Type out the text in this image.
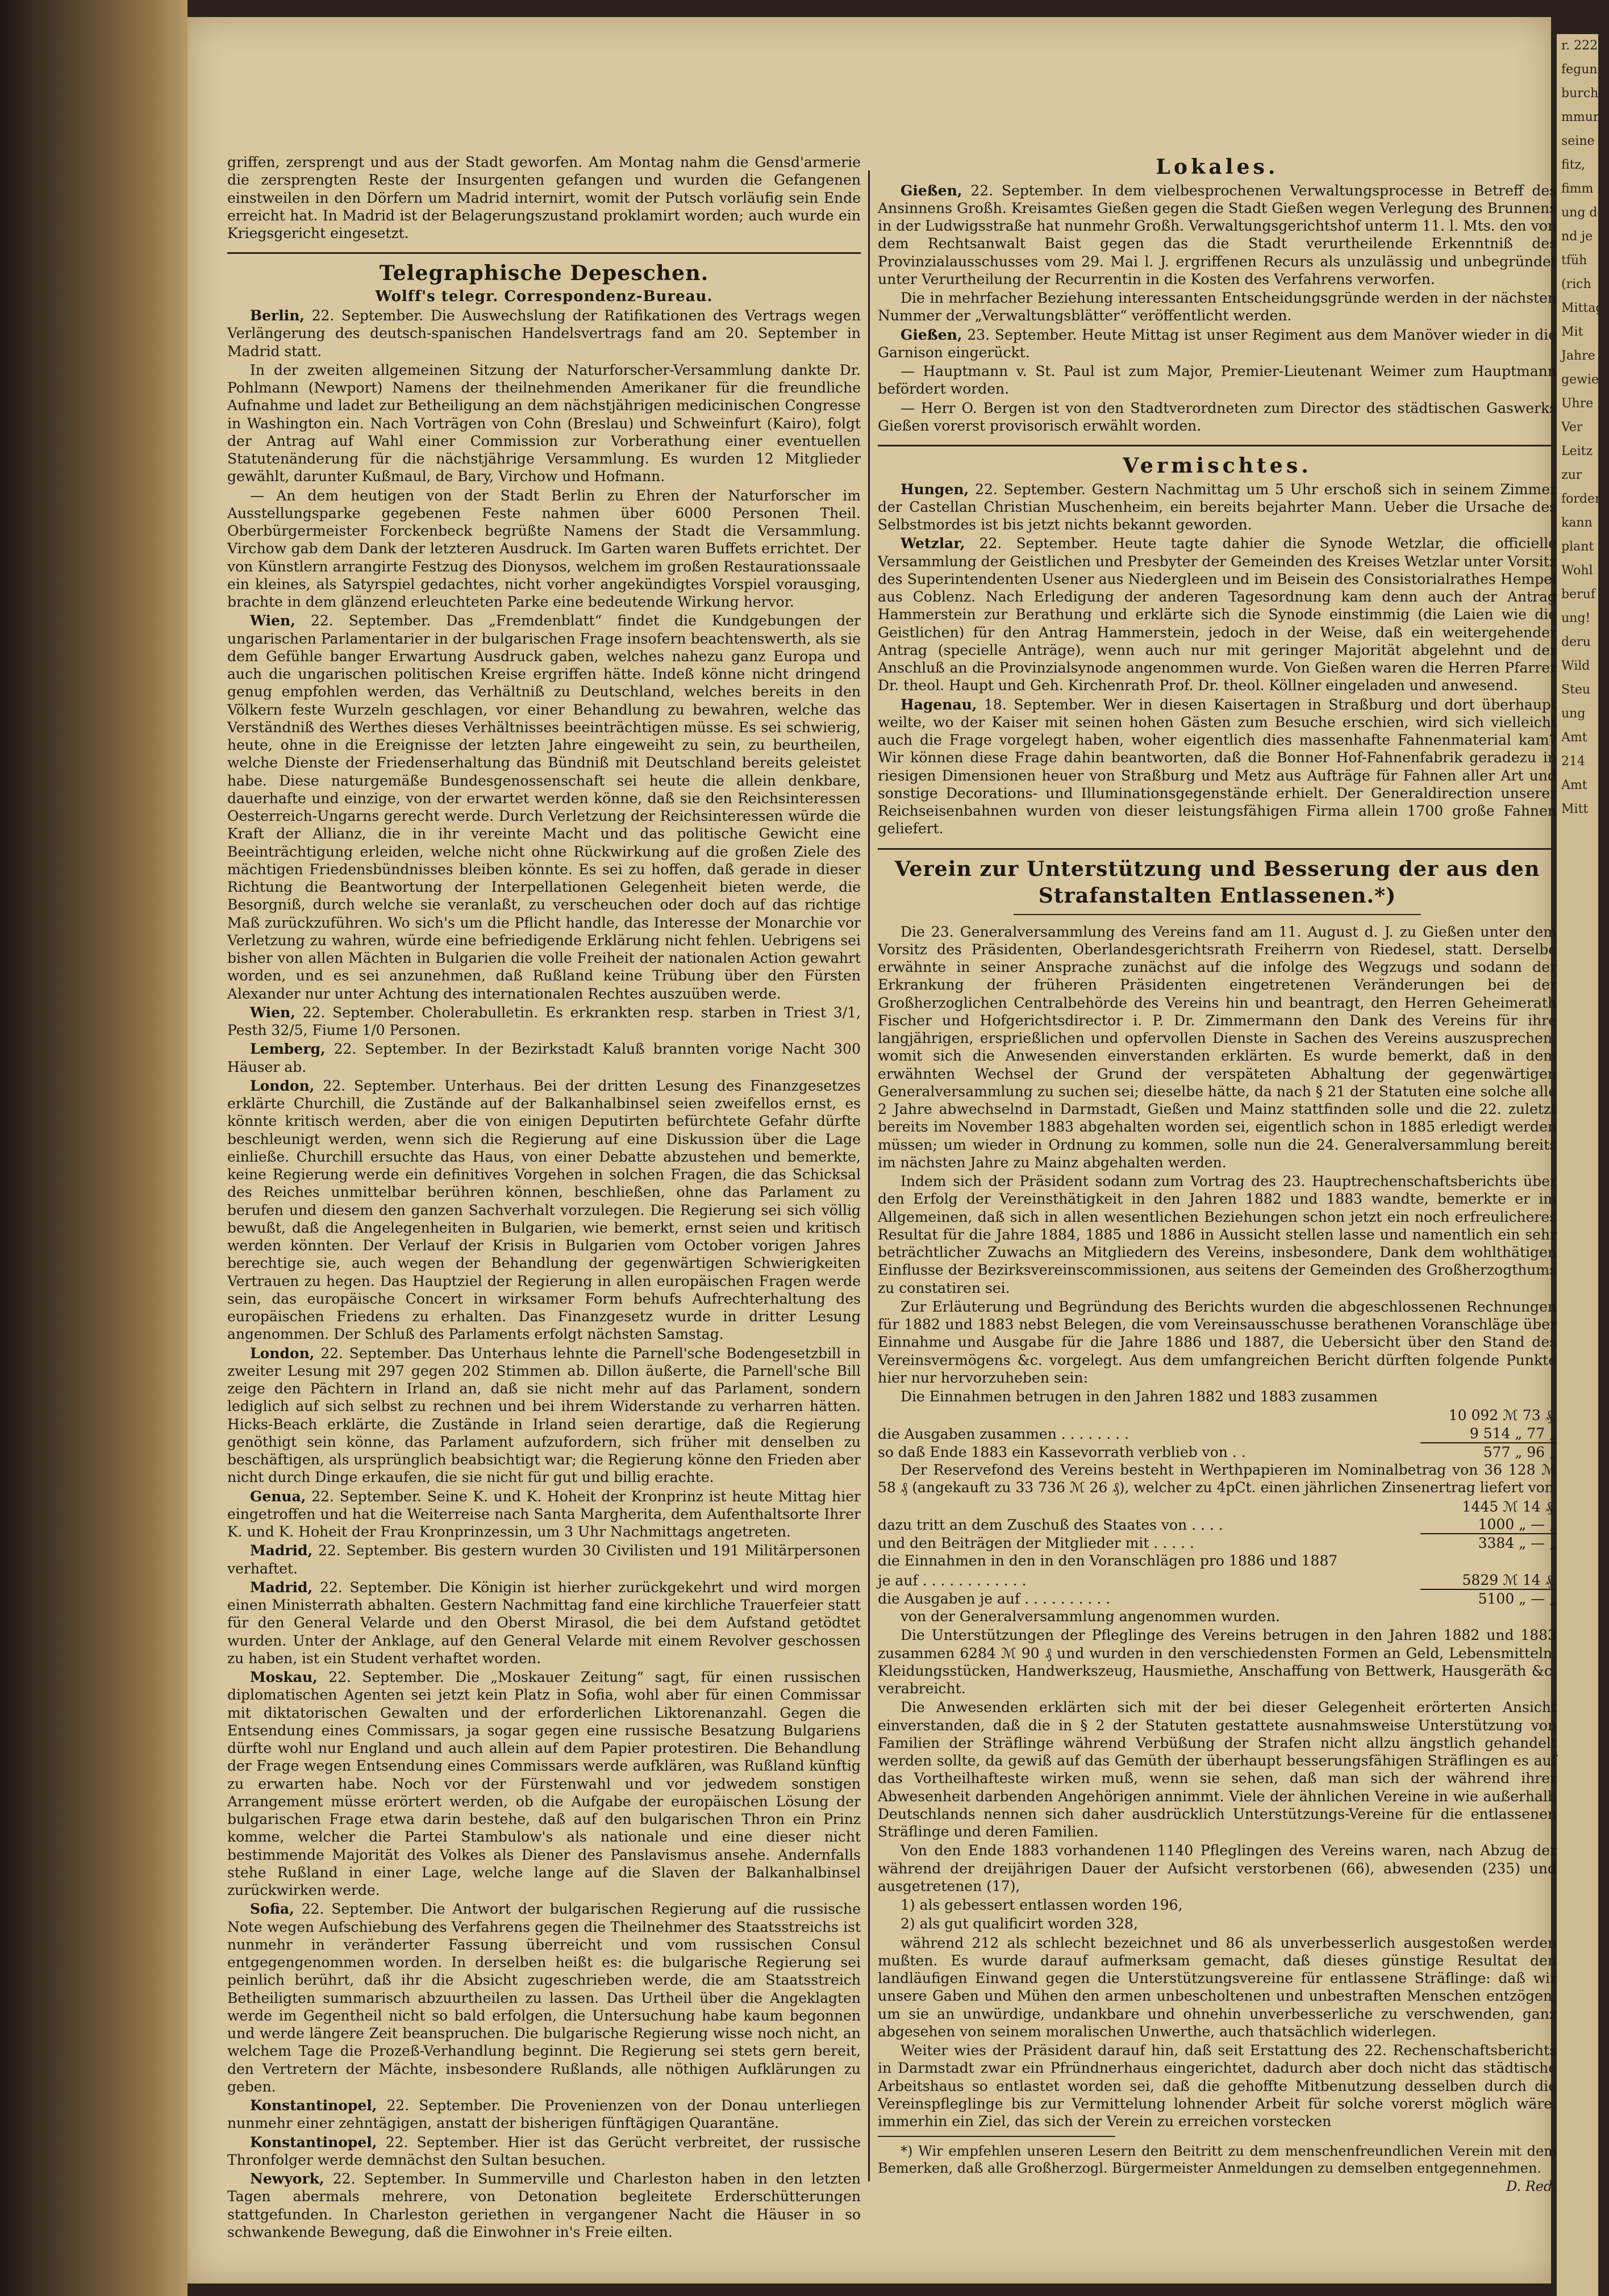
r. 222.
fegung
burch
mmung
seine
fitz,
fimm
ung de
nd je
tfüh
(rich
Mittag
Mit
Jahre
gewielt
Uhre
Ver
Leitz
zur
forder
kann
plant
Wohl
beruf
ung!
deru
Wild
Steu
ung
Amt
214
Amt
Mitt

griffen, zersprengt und aus der Stadt geworfen. Am Montag nahm die Gensd'armerie die zersprengten Reste der Insurgenten gefangen und wurden die Gefangenen einstweilen in den Dörfern um Madrid internirt, womit der Putsch vorläufig sein Ende erreicht hat. In Madrid ist der Belagerungszustand proklamirt worden; auch wurde ein Kriegsgericht eingesetzt.

Telegraphische Depeschen.

Wolff's telegr. Correspondenz-Bureau.

Berlin, 22. September. Die Auswechslung der Ratifikationen des Vertrags wegen Verlängerung des deutsch-spanischen Handelsvertrags fand am 20. September in Madrid statt.

In der zweiten allgemeinen Sitzung der Naturforscher-Versammlung dankte Dr. Pohlmann (Newport) Namens der theilnehmenden Amerikaner für die freundliche Aufnahme und ladet zur Betheiligung an dem nächstjährigen medicinischen Congresse in Washington ein. Nach Vorträgen von Cohn (Breslau) und Schweinfurt (Kairo), folgt der Antrag auf Wahl einer Commission zur Vorberathung einer eventuellen Statutenänderung für die nächstjährige Versammlung. Es wurden 12 Mitglieder gewählt, darunter Kußmaul, de Bary, Virchow und Hofmann.

— An dem heutigen von der Stadt Berlin zu Ehren der Naturforscher im Ausstellungsparke gegebenen Feste nahmen über 6000 Personen Theil. Oberbürgermeister Forckenbeck begrüßte Namens der Stadt die Versammlung. Virchow gab dem Dank der letzteren Ausdruck. Im Garten waren Buffets errichtet. Der von Künstlern arrangirte Festzug des Dionysos, welchem im großen Restaurationssaale ein kleines, als Satyrspiel gedachtes, nicht vorher angekündigtes Vorspiel vorausging, brachte in dem glänzend erleuchteten Parke eine bedeutende Wirkung hervor.

Wien, 22. September. Das „Fremdenblatt“ findet die Kundgebungen der ungarischen Parlamentarier in der bulgarischen Frage insofern beachtenswerth, als sie dem Gefühle banger Erwartung Ausdruck gaben, welches nahezu ganz Europa und auch die ungarischen politischen Kreise ergriffen hätte. Indeß könne nicht dringend genug empfohlen werden, das Verhältniß zu Deutschland, welches bereits in den Völkern feste Wurzeln geschlagen, vor einer Behandlung zu bewahren, welche das Verständniß des Werthes dieses Verhältnisses beeinträchtigen müsse. Es sei schwierig, heute, ohne in die Ereignisse der letzten Jahre eingeweiht zu sein, zu beurtheilen, welche Dienste der Friedenserhaltung das Bündniß mit Deutschland bereits geleistet habe. Diese naturgemäße Bundesgenossenschaft sei heute die allein denkbare, dauerhafte und einzige, von der erwartet werden könne, daß sie den Reichsinteressen Oesterreich-Ungarns gerecht werde. Durch Verletzung der Reichsinteressen würde die Kraft der Allianz, die in ihr vereinte Macht und das politische Gewicht eine Beeinträchtigung erleiden, welche nicht ohne Rückwirkung auf die großen Ziele des mächtigen Friedensbündnisses bleiben könnte. Es sei zu hoffen, daß gerade in dieser Richtung die Beantwortung der Interpellationen Gelegenheit bieten werde, die Besorgniß, durch welche sie veranlaßt, zu verscheuchen oder doch auf das richtige Maß zurückzuführen. Wo sich's um die Pflicht handle, das Interesse der Monarchie vor Verletzung zu wahren, würde eine befriedigende Erklärung nicht fehlen. Uebrigens sei bisher von allen Mächten in Bulgarien die volle Freiheit der nationalen Action gewahrt worden, und es sei anzunehmen, daß Rußland keine Trübung über den Fürsten Alexander nur unter Achtung des internationalen Rechtes auszuüben werde.

Wien, 22. September. Cholerabulletin. Es erkrankten resp. starben in Triest 3/1, Pesth 32/5, Fiume 1/0 Personen.

Lemberg, 22. September. In der Bezirkstadt Kaluß brannten vorige Nacht 300 Häuser ab.

London, 22. September. Unterhaus. Bei der dritten Lesung des Finanzgesetzes erklärte Churchill, die Zustände auf der Balkanhalbinsel seien zweifellos ernst, es könnte kritisch werden, aber die von einigen Deputirten befürchtete Gefahr dürfte beschleunigt werden, wenn sich die Regierung auf eine Diskussion über die Lage einließe. Churchill ersuchte das Haus, von einer Debatte abzustehen und bemerkte, keine Regierung werde ein definitives Vorgehen in solchen Fragen, die das Schicksal des Reiches unmittelbar berühren können, beschließen, ohne das Parlament zu berufen und diesem den ganzen Sachverhalt vorzulegen. Die Regierung sei sich völlig bewußt, daß die Angelegenheiten in Bulgarien, wie bemerkt, ernst seien und kritisch werden könnten. Der Verlauf der Krisis in Bulgarien vom October vorigen Jahres berechtige sie, auch wegen der Behandlung der gegenwärtigen Schwierigkeiten Vertrauen zu hegen. Das Hauptziel der Regierung in allen europäischen Fragen werde sein, das europäische Concert in wirksamer Form behufs Aufrechterhaltung des europäischen Friedens zu erhalten. Das Finanzgesetz wurde in dritter Lesung angenommen. Der Schluß des Parlaments erfolgt nächsten Samstag.

London, 22. September. Das Unterhaus lehnte die Parnell'sche Bodengesetzbill in zweiter Lesung mit 297 gegen 202 Stimmen ab. Dillon äußerte, die Parnell'sche Bill zeige den Pächtern in Irland an, daß sie nicht mehr auf das Parlament, sondern lediglich auf sich selbst zu rechnen und bei ihrem Widerstande zu verharren hätten. Hicks-Beach erklärte, die Zustände in Irland seien derartige, daß die Regierung genöthigt sein könne, das Parlament aufzufordern, sich früher mit denselben zu beschäftigen, als ursprünglich beabsichtigt war; die Regierung könne den Frieden aber nicht durch Dinge erkaufen, die sie nicht für gut und billig erachte.

Genua, 22. September. Seine K. und K. Hoheit der Kronprinz ist heute Mittag hier eingetroffen und hat die Weiterreise nach Santa Margherita, dem Aufenthaltsorte Ihrer K. und K. Hoheit der Frau Kronprinzessin, um 3 Uhr Nachmittags angetreten.

Madrid, 22. September. Bis gestern wurden 30 Civilisten und 191 Militärpersonen verhaftet.

Madrid, 22. September. Die Königin ist hierher zurückgekehrt und wird morgen einen Ministerrath abhalten. Gestern Nachmittag fand eine kirchliche Trauerfeier statt für den General Velarde und den Oberst Mirasol, die bei dem Aufstand getödtet wurden. Unter der Anklage, auf den General Velarde mit einem Revolver geschossen zu haben, ist ein Student verhaftet worden.

Moskau, 22. September. Die „Moskauer Zeitung“ sagt, für einen russischen diplomatischen Agenten sei jetzt kein Platz in Sofia, wohl aber für einen Commissar mit diktatorischen Gewalten und der erforderlichen Liktorenanzahl. Gegen die Entsendung eines Commissars, ja sogar gegen eine russische Besatzung Bulgariens dürfte wohl nur England und auch allein auf dem Papier protestiren. Die Behandlung der Frage wegen Entsendung eines Commissars werde aufklären, was Rußland künftig zu erwarten habe. Noch vor der Fürstenwahl und vor jedwedem sonstigen Arrangement müsse erörtert werden, ob die Aufgabe der europäischen Lösung der bulgarischen Frage etwa darin bestehe, daß auf den bulgarischen Thron ein Prinz komme, welcher die Partei Stambulow's als nationale und eine dieser nicht bestimmende Majorität des Volkes als Diener des Panslavismus ansehe. Andernfalls stehe Rußland in einer Lage, welche lange auf die Slaven der Balkanhalbinsel zurückwirken werde.

Sofia, 22. September. Die Antwort der bulgarischen Regierung auf die russische Note wegen Aufschiebung des Verfahrens gegen die Theilnehmer des Staatsstreichs ist nunmehr in veränderter Fassung überreicht und vom russischen Consul entgegengenommen worden. In derselben heißt es: die bulgarische Regierung sei peinlich berührt, daß ihr die Absicht zugeschrieben werde, die am Staatsstreich Betheiligten summarisch abzuurtheilen zu lassen. Das Urtheil über die Angeklagten werde im Gegentheil nicht so bald erfolgen, die Untersuchung habe kaum begonnen und werde längere Zeit beanspruchen. Die bulgarische Regierung wisse noch nicht, an welchem Tage die Prozeß-Verhandlung beginnt. Die Regierung sei stets gern bereit, den Vertretern der Mächte, insbesondere Rußlands, alle nöthigen Aufklärungen zu geben.

Konstantinopel, 22. September. Die Provenienzen von der Donau unterliegen nunmehr einer zehntägigen, anstatt der bisherigen fünftägigen Quarantäne.

Konstantinopel, 22. September. Hier ist das Gerücht verbreitet, der russische Thronfolger werde demnächst den Sultan besuchen.

Newyork, 22. September. In Summerville und Charleston haben in den letzten Tagen abermals mehrere, von Detonation begleitete Erderschütterungen stattgefunden. In Charleston geriethen in vergangener Nacht die Häuser in so schwankende Bewegung, daß die Einwohner in's Freie eilten.

Lokales.

Gießen, 22. September. In dem vielbesprochenen Verwaltungsprocesse in Betreff des Ansinnens Großh. Kreisamtes Gießen gegen die Stadt Gießen wegen Verlegung des Brunnens in der Ludwigsstraße hat nunmehr Großh. Verwaltungsgerichtshof unterm 11. l. Mts. den von dem Rechtsanwalt Baist gegen das die Stadt verurtheilende Erkenntniß des Provinzialausschusses vom 29. Mai l. J. ergriffenen Recurs als unzulässig und unbegründet unter Verurtheilung der Recurrentin in die Kosten des Verfahrens verworfen.

Die in mehrfacher Beziehung interessanten Entscheidungsgründe werden in der nächsten Nummer der „Verwaltungsblätter“ veröffentlicht werden.

Gießen, 23. September. Heute Mittag ist unser Regiment aus dem Manöver wieder in die Garnison eingerückt.

— Hauptmann v. St. Paul ist zum Major, Premier-Lieutenant Weimer zum Hauptmann befördert worden.

— Herr O. Bergen ist von den Stadtverordneten zum Director des städtischen Gaswerks Gießen vorerst provisorisch erwählt worden.

Vermischtes.

Hungen, 22. September. Gestern Nachmittag um 5 Uhr erschoß sich in seinem Zimmer der Castellan Christian Muschenheim, ein bereits bejahrter Mann. Ueber die Ursache des Selbstmordes ist bis jetzt nichts bekannt geworden.

Wetzlar, 22. September. Heute tagte dahier die Synode Wetzlar, die officielle Versammlung der Geistlichen und Presbyter der Gemeinden des Kreises Wetzlar unter Vorsitz des Superintendenten Usener aus Niedergleen und im Beisein des Consistorialrathes Hempel aus Coblenz. Nach Erledigung der anderen Tagesordnung kam denn auch der Antrag Hammerstein zur Berathung und erklärte sich die Synode einstimmig (die Laien wie die Geistlichen) für den Antrag Hammerstein, jedoch in der Weise, daß ein weitergehender Antrag (specielle Anträge), wenn auch nur mit geringer Majorität abgelehnt und der Anschluß an die Provinzialsynode angenommen wurde. Von Gießen waren die Herren Pfarrer Dr. theol. Haupt und Geh. Kirchenrath Prof. Dr. theol. Köllner eingeladen und anwesend.

Hagenau, 18. September. Wer in diesen Kaisertagen in Straßburg und dort überhaupt weilte, wo der Kaiser mit seinen hohen Gästen zum Besuche erschien, wird sich vielleicht auch die Frage vorgelegt haben, woher eigentlich dies massenhafte Fahnenmaterial kam? Wir können diese Frage dahin beantworten, daß die Bonner Hof-Fahnenfabrik geradezu in riesigen Dimensionen heuer von Straßburg und Metz aus Aufträge für Fahnen aller Art und sonstige Decorations- und Illuminationsgegenstände erhielt. Der Generaldirection unserer Reichseisenbahnen wurden von dieser leistungsfähigen Firma allein 1700 große Fahnen geliefert.

Verein zur Unterstützung und Besserung der aus den Strafanstalten Entlassenen.*)

Die 23. Generalversammlung des Vereins fand am 11. August d. J. zu Gießen unter dem Vorsitz des Präsidenten, Oberlandesgerichtsrath Freiherrn von Riedesel, statt. Derselbe erwähnte in seiner Ansprache zunächst auf die infolge des Wegzugs und sodann der Erkrankung der früheren Präsidenten eingetretenen Veränderungen bei der Großherzoglichen Centralbehörde des Vereins hin und beantragt, den Herren Geheimerath Fischer und Hofgerichtsdirector i. P. Dr. Zimmermann den Dank des Vereins für ihre langjährigen, ersprießlichen und opfervollen Dienste in Sachen des Vereins auszusprechen, womit sich die Anwesenden einverstanden erklärten. Es wurde bemerkt, daß in dem erwähnten Wechsel der Grund der verspäteten Abhaltung der gegenwärtigen Generalversammlung zu suchen sei; dieselbe hätte, da nach § 21 der Statuten eine solche alle 2 Jahre abwechselnd in Darmstadt, Gießen und Mainz stattfinden solle und die 22. zuletzt bereits im November 1883 abgehalten worden sei, eigentlich schon in 1885 erledigt werden müssen; um wieder in Ordnung zu kommen, solle nun die 24. Generalversammlung bereits im nächsten Jahre zu Mainz abgehalten werden.

Indem sich der Präsident sodann zum Vortrag des 23. Hauptrechenschaftsberichts über den Erfolg der Vereinsthätigkeit in den Jahren 1882 und 1883 wandte, bemerkte er im Allgemeinen, daß sich in allen wesentlichen Beziehungen schon jetzt ein noch erfreulicheres Resultat für die Jahre 1884, 1885 und 1886 in Aussicht stellen lasse und namentlich ein sehr beträchtlicher Zuwachs an Mitgliedern des Vereins, insbesondere, Dank dem wohlthätigen Einflusse der Bezirksvereinscommissionen, aus seitens der Gemeinden des Großherzogthums zu constatiren sei.

Zur Erläuterung und Begründung des Berichts wurden die abgeschlossenen Rechnungen für 1882 und 1883 nebst Belegen, die vom Vereinsausschusse berathenen Voranschläge über Einnahme und Ausgabe für die Jahre 1886 und 1887, die Uebersicht über den Stand des Vereinsvermögens &c. vorgelegt. Aus dem umfangreichen Bericht dürften folgende Punkte hier nur hervorzuheben sein:

Die Einnahmen betrugen in den Jahren 1882 und 1883 zusammen

	10 092 ℳ 73 ₰,
die Ausgaben zusammen . . . . . . . .	9 514 „ 77 „
so daß Ende 1883 ein Kassevorrath verblieb von . .	577 „ 96 „

Der Reservefond des Vereins besteht in Werthpapieren im Nominalbetrag von 36 128 ℳ 58 ₰ (angekauft zu 33 736 ℳ 26 ₰), welcher zu 4pCt. einen jährlichen Zinsenertrag liefert von

	1445 ℳ 14 ₰,
dazu tritt an dem Zuschuß des Staates von . . . .	1000 „ — „
und den Beiträgen der Mitglieder mit . . . . .	3384 „ — „

die Einnahmen in den in den Voranschlägen pro 1886 und 1887

je auf . . . . . . . . . . . .	5829 ℳ 14 ₰,
die Ausgaben je auf . . . . . . . . . .	5100 „ — „

von der Generalversammlung angenommen wurden.

Die Unterstützungen der Pfleglinge des Vereins betrugen in den Jahren 1882 und 1883 zusammen 6284 ℳ 90 ₰ und wurden in den verschiedensten Formen an Geld, Lebensmitteln, Kleidungsstücken, Handwerkszeug, Hausmiethe, Anschaffung von Bettwerk, Hausgeräth &c. verabreicht.

Die Anwesenden erklärten sich mit der bei dieser Gelegenheit erörterten Ansicht einverstanden, daß die in § 2 der Statuten gestattete ausnahmsweise Unterstützung von Familien der Sträflinge während Verbüßung der Strafen nicht allzu ängstlich gehandelt werden sollte, da gewiß auf das Gemüth der überhaupt besserungsfähigen Sträflingen es auf das Vortheilhafteste wirken muß, wenn sie sehen, daß man sich der während ihrer Abwesenheit darbenden Angehörigen annimmt. Viele der ähnlichen Vereine in wie außerhalb Deutschlands nennen sich daher ausdrücklich Unterstützungs-Vereine für die entlassenen Sträflinge und deren Familien.

Von den Ende 1883 vorhandenen 1140 Pfleglingen des Vereins waren, nach Abzug der während der dreijährigen Dauer der Aufsicht verstorbenen (66), abwesenden (235) und ausgetretenen (17),

1) als gebessert entlassen worden 196,

2) als gut qualificirt worden 328,

während 212 als schlecht bezeichnet und 86 als unverbesserlich ausgestoßen werden mußten. Es wurde darauf aufmerksam gemacht, daß dieses günstige Resultat den landläufigen Einwand gegen die Unterstützungsvereine für entlassene Sträflinge: daß wir unsere Gaben und Mühen den armen unbescholtenen und unbestraften Menschen entzögen, um sie an unwürdige, undankbare und ohnehin unverbesserliche zu verschwenden, ganz abgesehen von seinem moralischen Unwerthe, auch thatsächlich widerlegen.

Weiter wies der Präsident darauf hin, daß seit Erstattung des 22. Rechenschaftsberichts in Darmstadt zwar ein Pfründnerhaus eingerichtet, dadurch aber doch nicht das städtische Arbeitshaus so entlastet worden sei, daß die gehoffte Mitbenutzung desselben durch die Vereinspfleglinge bis zur Vermittelung lohnender Arbeit für solche vorerst möglich wäre, immerhin ein Ziel, das sich der Verein zu erreichen vorstecken

*) Wir empfehlen unseren Lesern den Beitritt zu dem menschenfreundlichen Verein mit dem Bemerken, daß alle Großherzogl. Bürgermeister Anmeldungen zu demselben entgegennehmen.

D. Red.
